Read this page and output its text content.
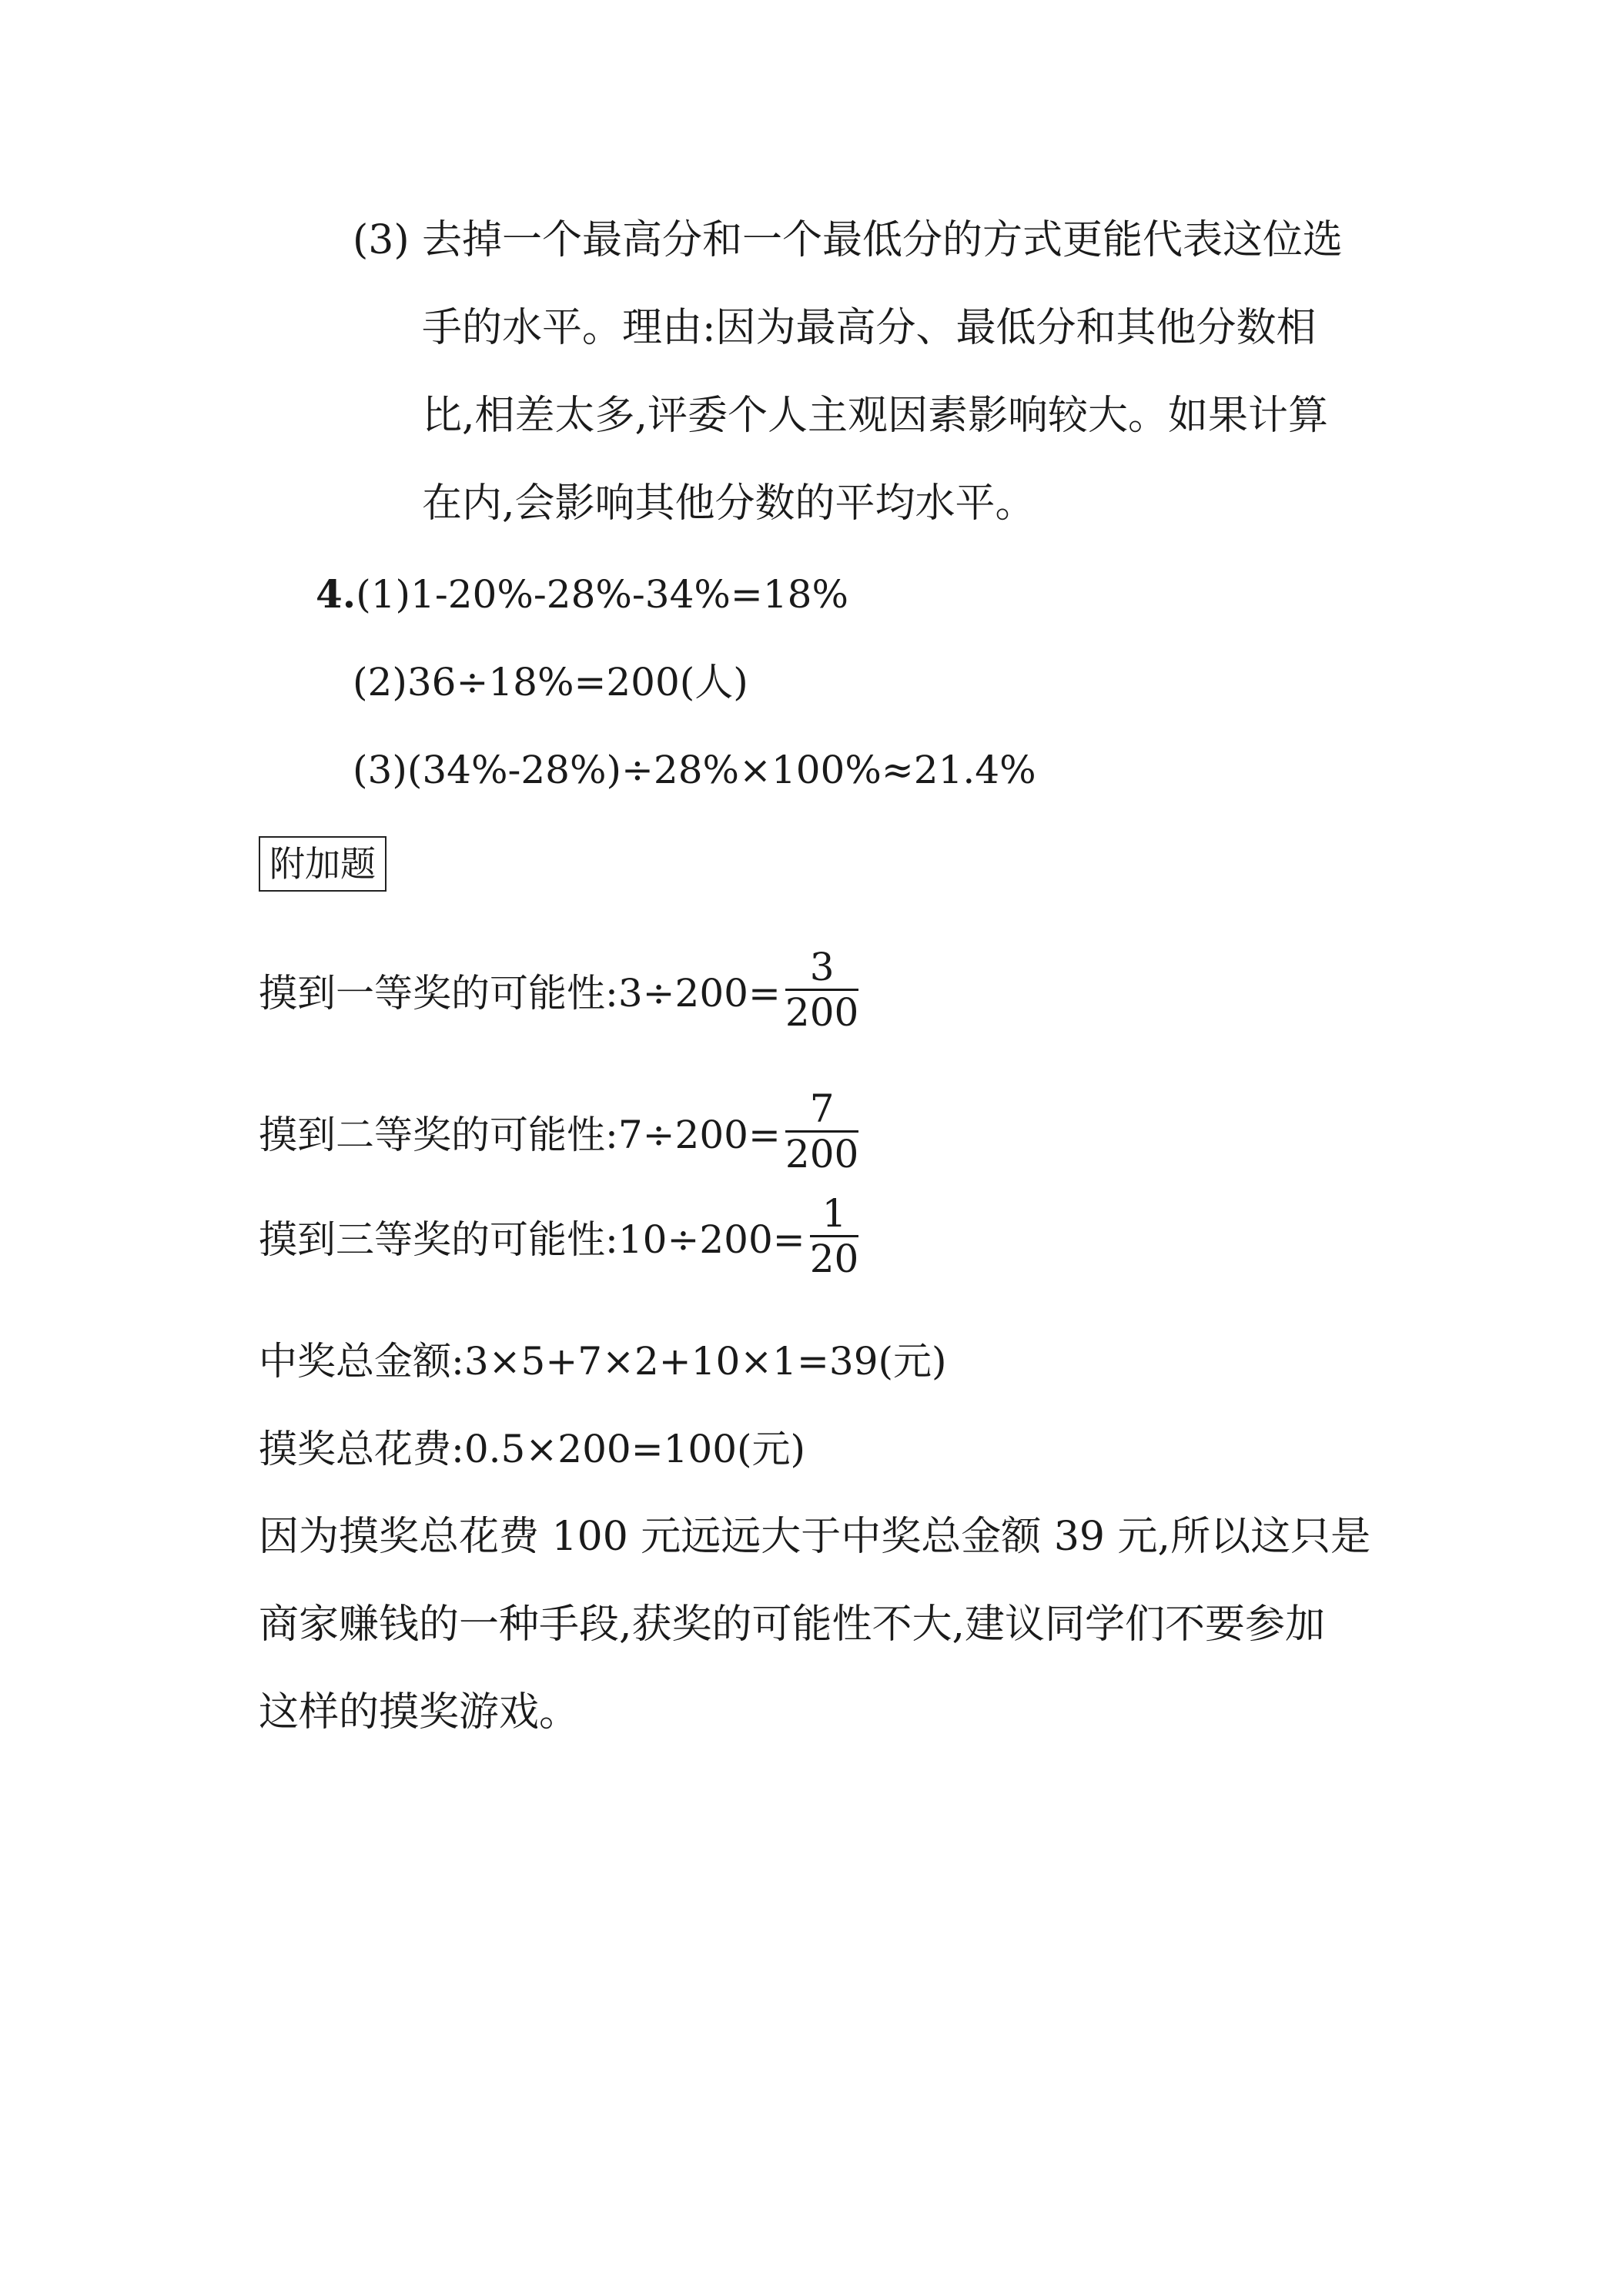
(3) 去掉一个最高分和一个最低分的方式更能代表这位选
手的水平。理由:因为最高分、最低分和其他分数相
比,相差太多,评委个人主观因素影响较大。如果计算
在内,会影响其他分数的平均水平。
4.(1)1-20%-28%-34%=18%
(2)36÷18%=200(人)
(3)(34%-28%)÷28%×100%≈21.4%
附加题
摸到一等奖的可能性:3÷200= $\frac{3}{200}$
摸到二等奖的可能性:7÷200= $\frac{7}{200}$
摸到三等奖的可能性:10÷200= $\frac{1}{20}$
中奖总金额:3×5+7×2+10×1=39(元)
摸奖总花费:0.5×200=100(元)
因为摸奖总花费 100 元远远大于中奖总金额 39 元,所以这只是
商家赚钱的一种手段,获奖的可能性不大,建议同学们不要参加
这样的摸奖游戏。
